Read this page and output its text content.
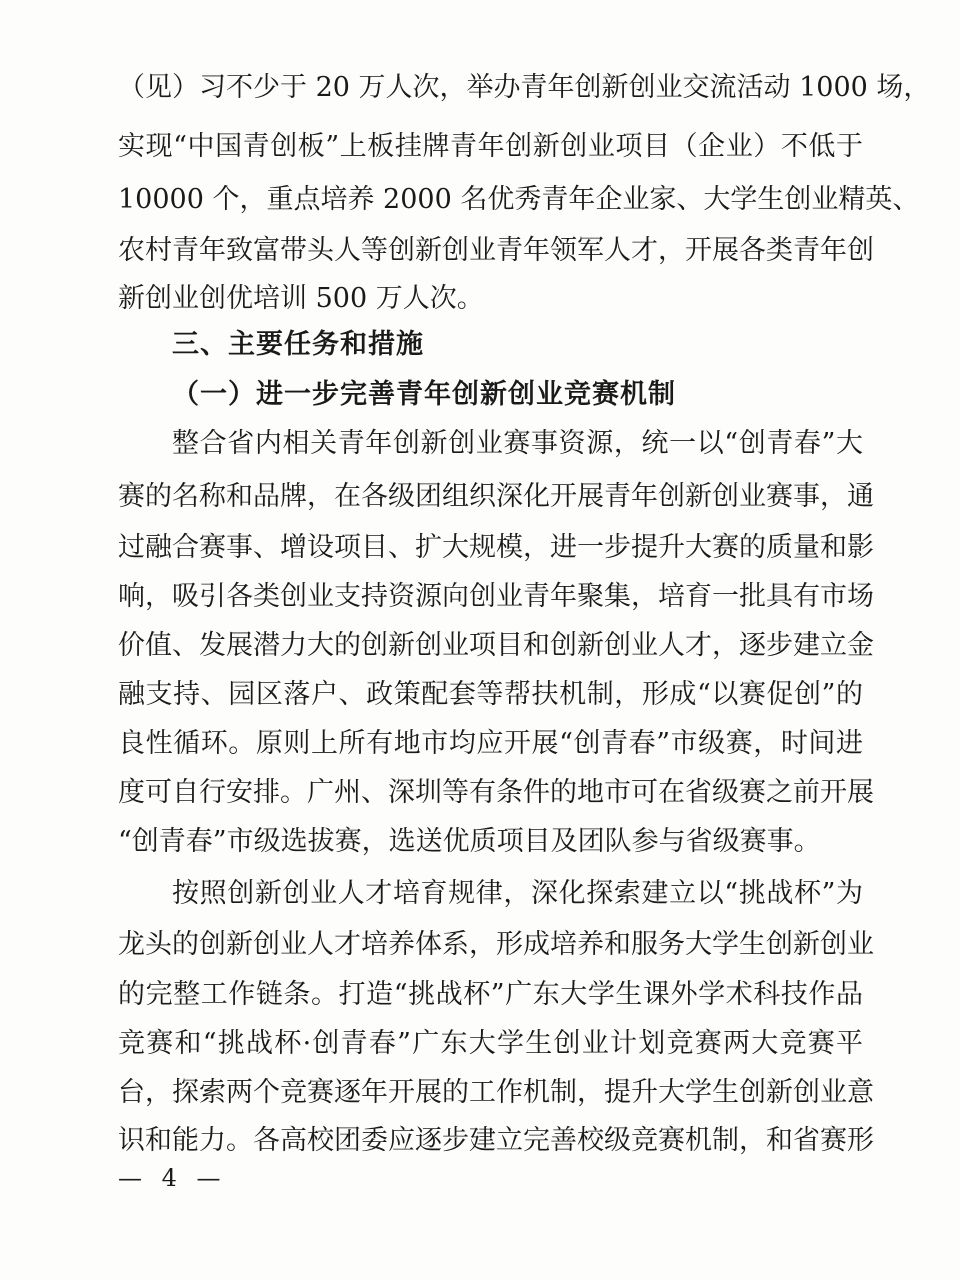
（见）习不少于 20 万人次，举办青年创新创业交流活动 1000 场，
实现“中国青创板”上板挂牌青年创新创业项目（企业）不低于
10000 个，重点培养 2000 名优秀青年企业家、大学生创业精英、
农村青年致富带头人等创新创业青年领军人才，开展各类青年创
新创业创优培训 500 万人次。
三、主要任务和措施
（一）进一步完善青年创新创业竞赛机制
整合省内相关青年创新创业赛事资源，统一以“创青春”大
赛的名称和品牌，在各级团组织深化开展青年创新创业赛事，通
过融合赛事、增设项目、扩大规模，进一步提升大赛的质量和影
响，吸引各类创业支持资源向创业青年聚集，培育一批具有市场
价值、发展潜力大的创新创业项目和创新创业人才，逐步建立金
融支持、园区落户、政策配套等帮扶机制，形成“以赛促创”的
良性循环。原则上所有地市均应开展“创青春”市级赛，时间进
度可自行安排。广州、深圳等有条件的地市可在省级赛之前开展
“创青春”市级选拔赛，选送优质项目及团队参与省级赛事。
按照创新创业人才培育规律，深化探索建立以“挑战杯”为
龙头的创新创业人才培养体系，形成培养和服务大学生创新创业
的完整工作链条。打造“挑战杯”广东大学生课外学术科技作品
竞赛和“挑战杯·创青春”广东大学生创业计划竞赛两大竞赛平
台，探索两个竞赛逐年开展的工作机制，提升大学生创新创业意
识和能力。各高校团委应逐步建立完善校级竞赛机制，和省赛形
— 4 —
